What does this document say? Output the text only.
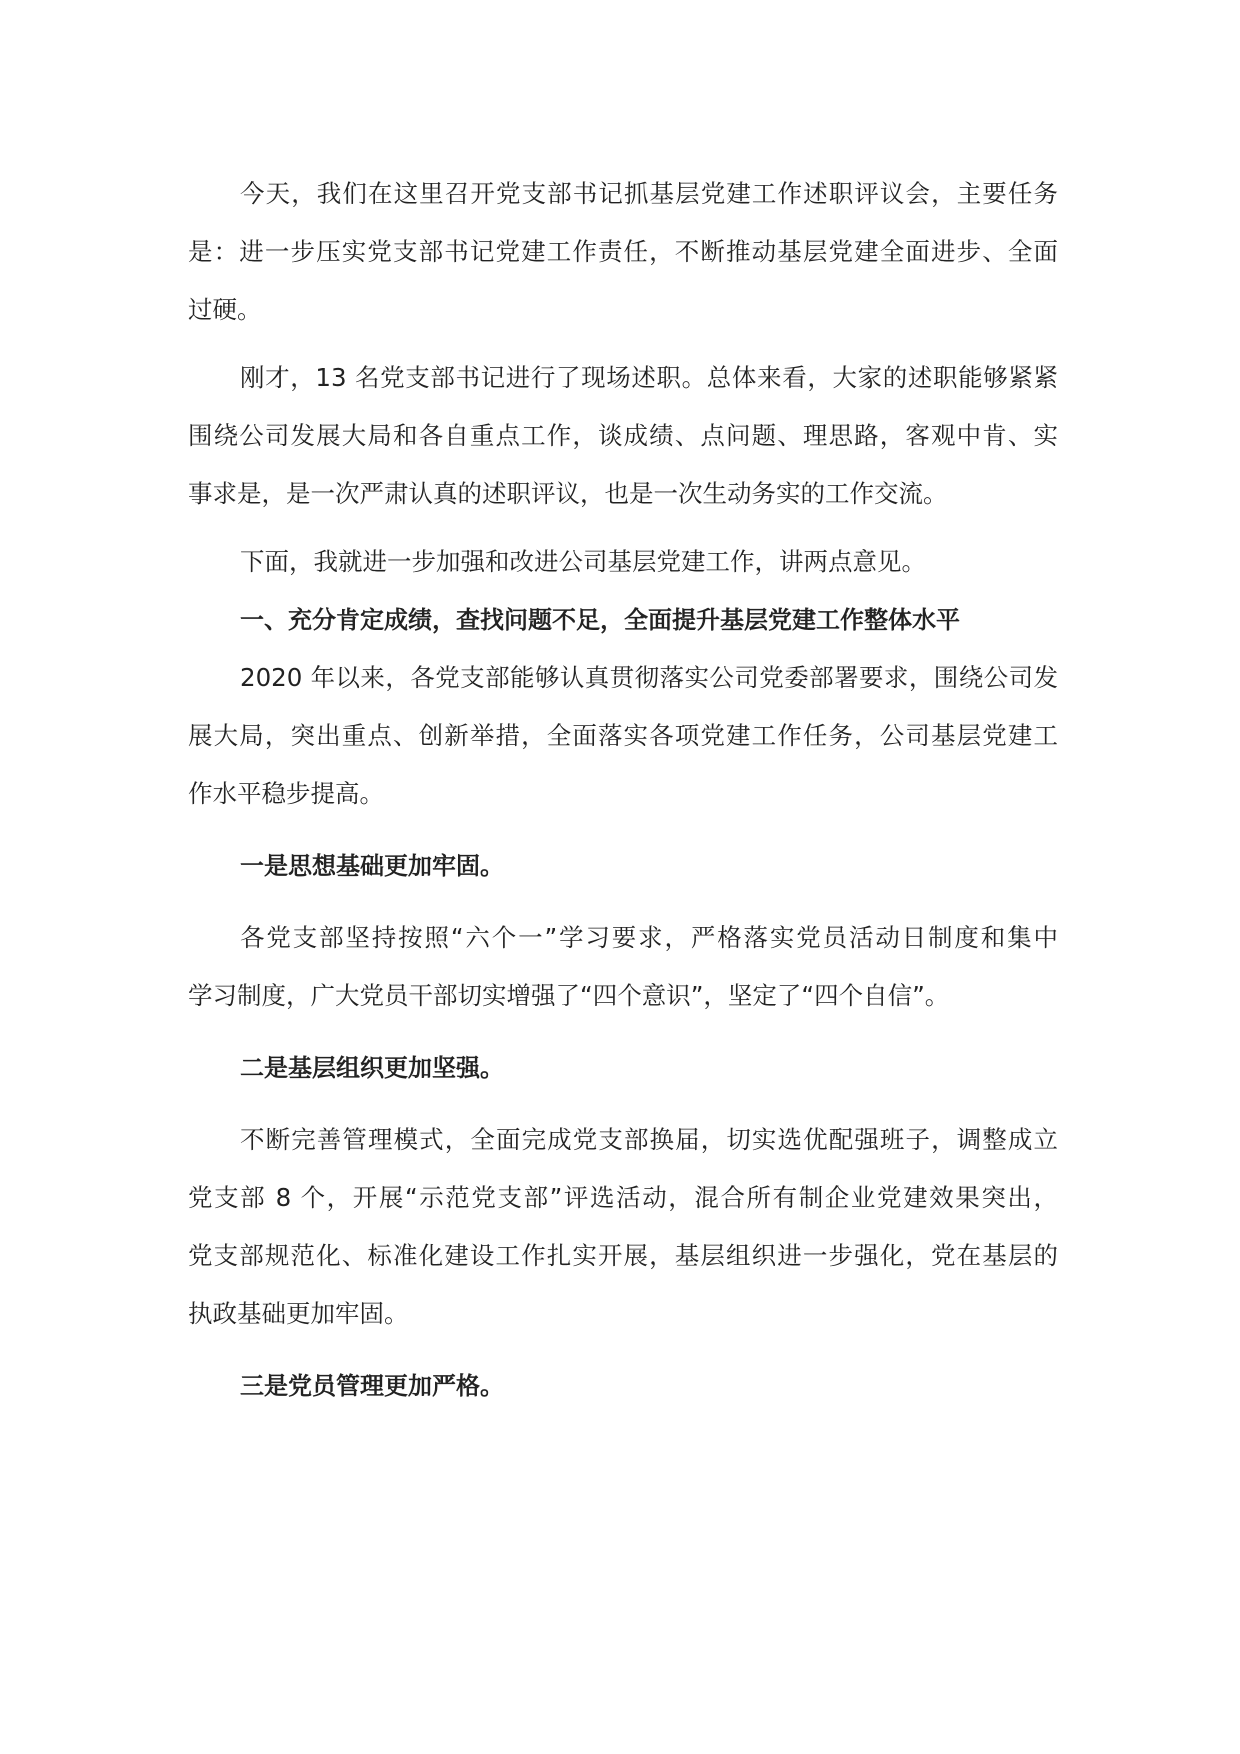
今天，我们在这里召开党支部书记抓基层党建工作述职评议会，主要任务
是：进一步压实党支部书记党建工作责任，不断推动基层党建全面进步、全面
过硬。
刚才，13 名党支部书记进行了现场述职。总体来看，大家的述职能够紧紧
围绕公司发展大局和各自重点工作，谈成绩、点问题、理思路，客观中肯、实
事求是，是一次严肃认真的述职评议，也是一次生动务实的工作交流。
下面，我就进一步加强和改进公司基层党建工作，讲两点意见。
一、充分肯定成绩，查找问题不足，全面提升基层党建工作整体水平
2020 年以来，各党支部能够认真贯彻落实公司党委部署要求，围绕公司发
展大局，突出重点、创新举措，全面落实各项党建工作任务，公司基层党建工
作水平稳步提高。
一是思想基础更加牢固。
各党支部坚持按照“六个一”学习要求，严格落实党员活动日制度和集中
学习制度，广大党员干部切实增强了“四个意识”，坚定了“四个自信”。
二是基层组织更加坚强。
不断完善管理模式，全面完成党支部换届，切实选优配强班子，调整成立
党支部 8 个，开展“示范党支部”评选活动，混合所有制企业党建效果突出，
党支部规范化、标准化建设工作扎实开展，基层组织进一步强化，党在基层的
执政基础更加牢固。
三是党员管理更加严格。
